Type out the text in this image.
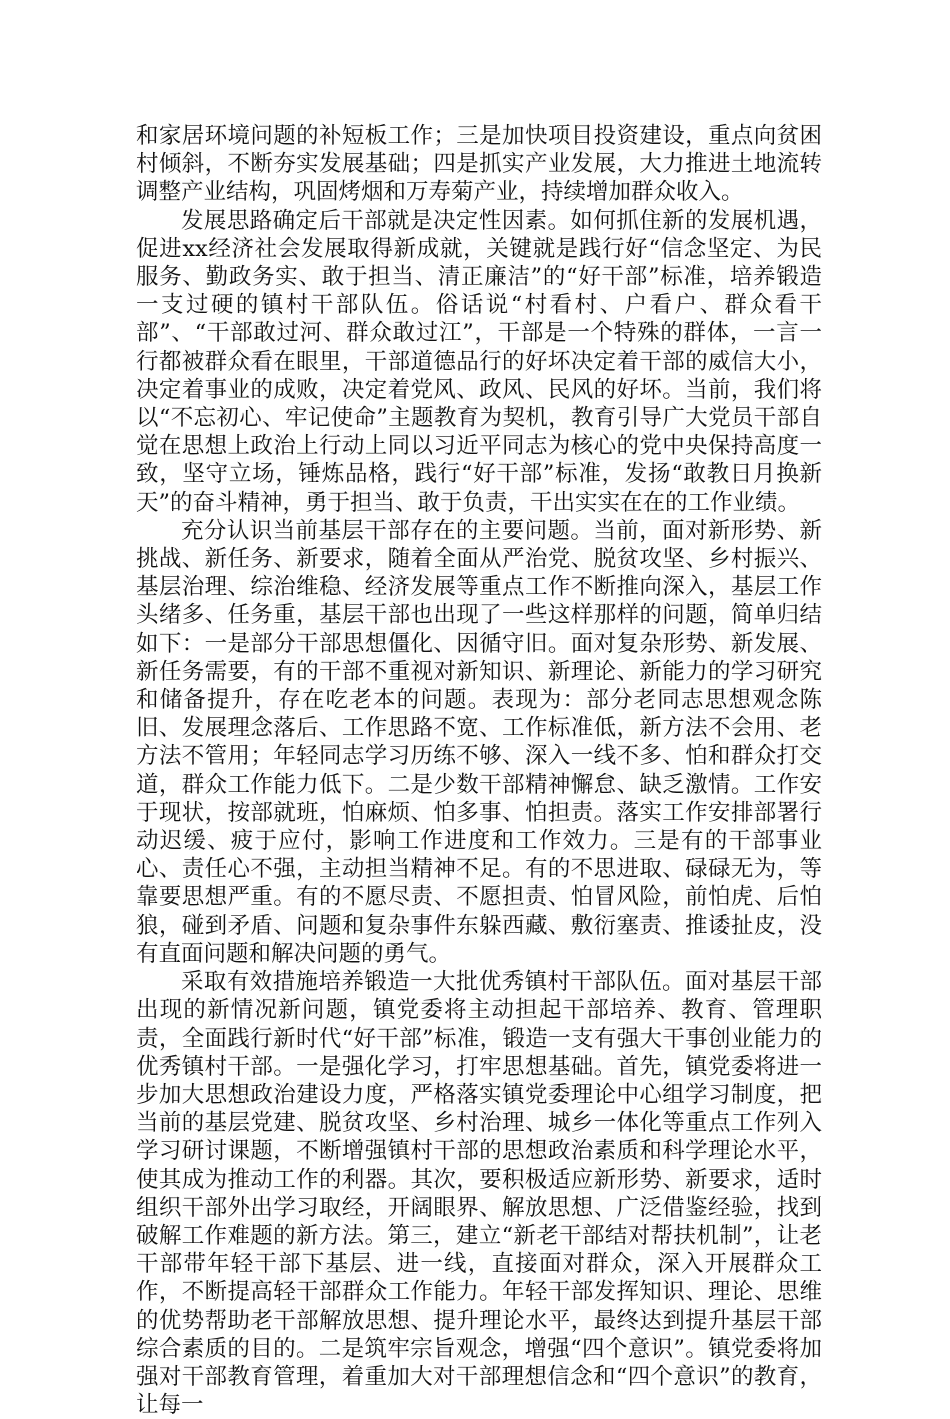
和家居环境问题的补短板工作；三是加快项目投资建设，重点向贫困村倾斜，不断夯实发展基础；四是抓实产业发展，大力推进土地流转调整产业结构，巩固烤烟和万寿菊产业，持续增加群众收入。

发展思路确定后干部就是决定性因素。如何抓住新的发展机遇，促进xx经济社会发展取得新成就，关键就是践行好“信念坚定、为民服务、勤政务实、敢于担当、清正廉洁”的“好干部”标准，培养锻造一支过硬的镇村干部队伍。俗话说“村看村、户看户、群众看干部”、“干部敢过河、群众敢过江”，干部是一个特殊的群体，一言一行都被群众看在眼里，干部道德品行的好坏决定着干部的威信大小，决定着事业的成败，决定着党风、政风、民风的好坏。当前，我们将以“不忘初心、牢记使命”主题教育为契机，教育引导广大党员干部自觉在思想上政治上行动上同以习近平同志为核心的党中央保持高度一致，坚守立场，锤炼品格，践行“好干部”标准，发扬“敢教日月换新天”的奋斗精神，勇于担当、敢于负责，干出实实在在的工作业绩。

充分认识当前基层干部存在的主要问题。当前，面对新形势、新挑战、新任务、新要求，随着全面从严治党、脱贫攻坚、乡村振兴、基层治理、综治维稳、经济发展等重点工作不断推向深入，基层工作头绪多、任务重，基层干部也出现了一些这样那样的问题，简单归结如下：一是部分干部思想僵化、因循守旧。面对复杂形势、新发展、新任务需要，有的干部不重视对新知识、新理论、新能力的学习研究和储备提升，存在吃老本的问题。表现为：部分老同志思想观念陈旧、发展理念落后、工作思路不宽、工作标准低，新方法不会用、老方法不管用；年轻同志学习历练不够、深入一线不多、怕和群众打交道，群众工作能力低下。二是少数干部精神懈怠、缺乏激情。工作安于现状，按部就班，怕麻烦、怕多事、怕担责。落实工作安排部署行动迟缓、疲于应付，影响工作进度和工作效力。三是有的干部事业心、责任心不强，主动担当精神不足。有的不思进取、碌碌无为，等靠要思想严重。有的不愿尽责、不愿担责、怕冒风险，前怕虎、后怕狼，碰到矛盾、问题和复杂事件东躲西藏、敷衍塞责、推诿扯皮，没有直面问题和解决问题的勇气。

采取有效措施培养锻造一大批优秀镇村干部队伍。面对基层干部出现的新情况新问题，镇党委将主动担起干部培养、教育、管理职责，全面践行新时代“好干部”标准，锻造一支有强大干事创业能力的优秀镇村干部。一是强化学习，打牢思想基础。首先，镇党委将进一步加大思想政治建设力度，严格落实镇党委理论中心组学习制度，把当前的基层党建、脱贫攻坚、乡村治理、城乡一体化等重点工作列入学习研讨课题，不断增强镇村干部的思想政治素质和科学理论水平，使其成为推动工作的利器。其次，要积极适应新形势、新要求，适时组织干部外出学习取经，开阔眼界、解放思想、广泛借鉴经验，找到破解工作难题的新方法。第三，建立“新老干部结对帮扶机制”，让老干部带年轻干部下基层、进一线，直接面对群众，深入开展群众工作，不断提高轻干部群众工作能力。年轻干部发挥知识、理论、思维的优势帮助老干部解放思想、提升理论水平，最终达到提升基层干部综合素质的目的。二是筑牢宗旨观念，增强“四个意识”。镇党委将加强对干部教育管理，着重加大对干部理想信念和“四个意识”的教育，让每一
